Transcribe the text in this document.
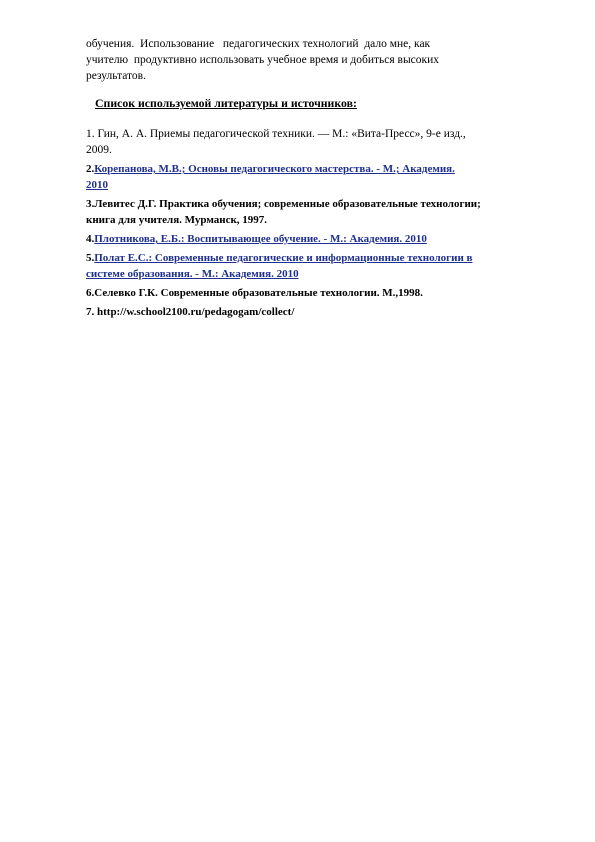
обучения.  Использование   педагогических технологий  дало мне, как
учителю  продуктивно использовать учебное время и добиться высоких
результатов.

Список используемой литературы и источников:
1. Гин, А. А. Приемы педагогической техники. — М.: «Вита-Пресс», 9-е изд.,
2009.
2.Корепанова, М.В.; Основы педагогического мастерства. - М.; Академия.
2010
3.Левитес Д.Г. Практика обучения; современные образовательные технологии;
книга для учителя. Мурманск, 1997.
4.Плотникова, Е.Б.: Воспитывающее обучение. - М.: Академия. 2010
5.Полат Е.С.: Современные педагогические и информационные технологии в
системе образования. - М.: Академия. 2010
6.Селевко Г.К. Современные образовательные технологии. М.,1998.
7. http://w.school2100.ru/pedagogam/collect/
